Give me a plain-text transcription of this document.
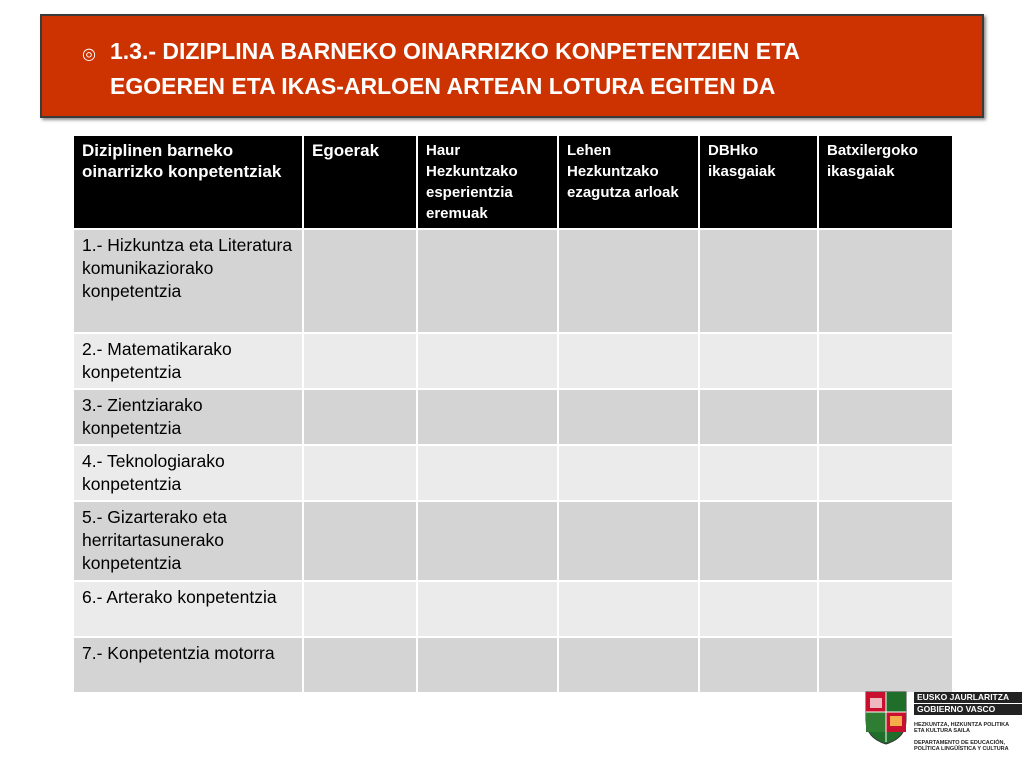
◎ 1.3.- DIZIPLINA BARNEKO OINARRIZKO KONPETENTZIEN ETA
EGOEREN ETA IKAS-ARLOEN ARTEAN LOTURA EGITEN DA
Diziplinen barneko oinarrizko konpetentziak	Egoerak	Haur Hezkuntzako esperientzia eremuak	Lehen Hezkuntzako ezagutza arloak	DBHko ikasgaiak	Batxilergoko ikasgaiak
1.- Hizkuntza eta Literatura komunikaziorako konpetentzia					
2.- Matematikarako konpetentzia					
3.- Zientziarako konpetentzia					
4.- Teknologiarako konpetentzia					
5.- Gizarterako eta herritartasunerako konpetentzia					
6.- Arterako konpetentzia					
7.- Konpetentzia motorra					
EUSKO JAURLARITZA
GOBIERNO VASCO
HEZKUNTZA, HIZKUNTZA POLITIKA
ETA KULTURA SAILA
DEPARTAMENTO DE EDUCACIÓN,
POLÍTICA LINGÜÍSTICA Y CULTURA
